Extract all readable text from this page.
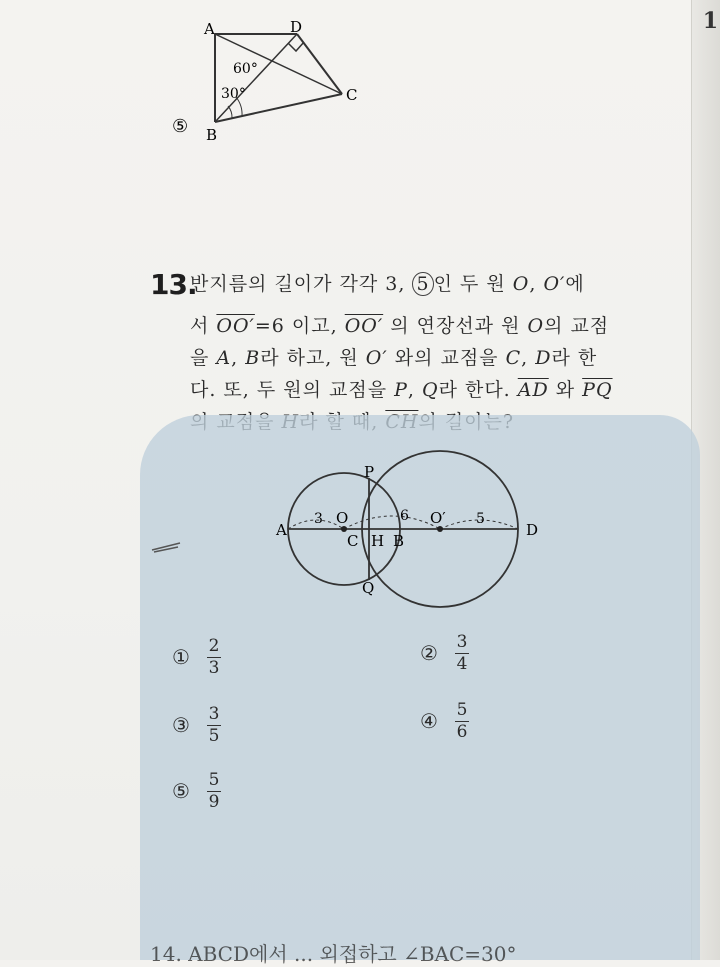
1
A	D
C
B
60°
30°
⑤
13.
반지름의 길이가 각각 3, 5 인 두 원 O, O′에
서 OO′=6 이고, OO′ 의 연장선과 원 O의 교점
을 A, B라 하고, 원 O′ 와의 교점을 C, D라 한
다. 또, 두 원의 교점을 P, Q라 한다. $\overline{AD}$ 와 $\overline{PQ}$
P
Q
A
O	O′
C H B
D
3	6	5
① 2
3
② 3
4
③ 3
5
④ 5
6
⑤ 5
9
14. ABCD에서 ... 외접하고 ∠BAC=30°
